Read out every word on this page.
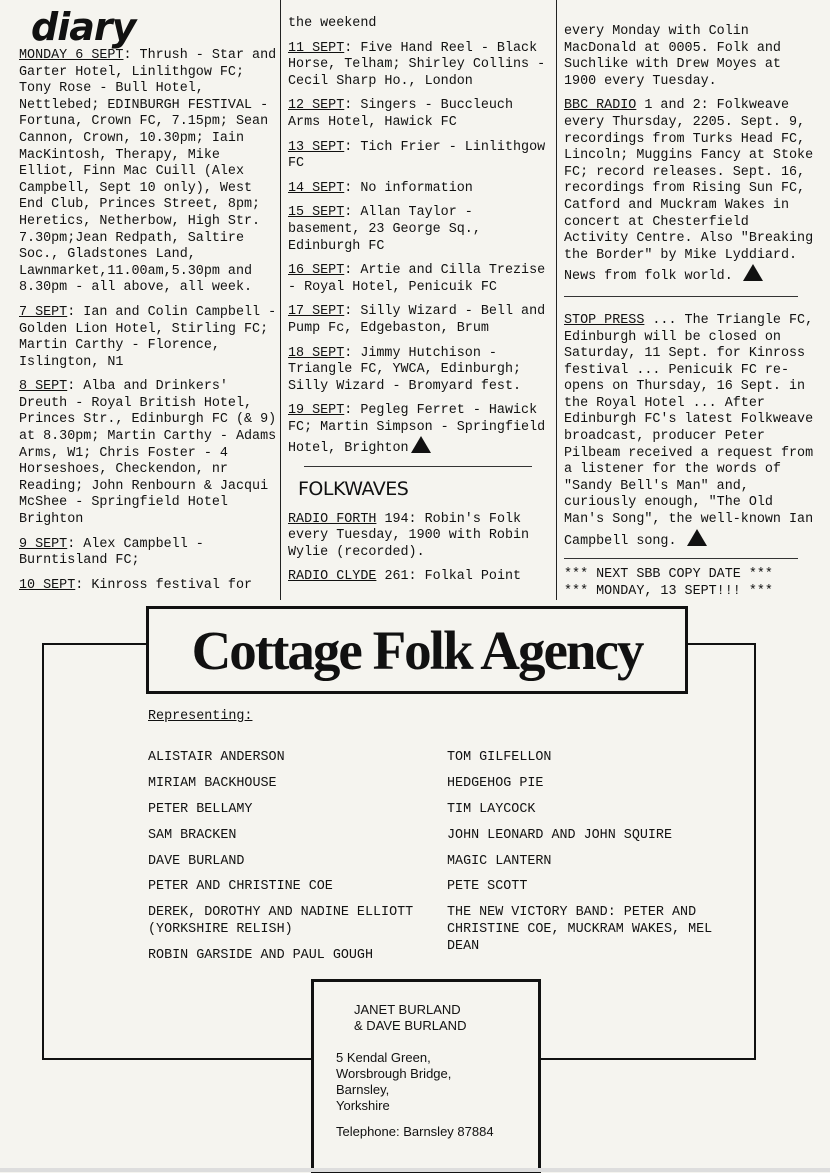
diary
MONDAY 6 SEPT: Thrush - Star and Garter Hotel, Linlithgow FC; Tony Rose - Bull Hotel, Nettlebed; EDINBURGH FESTIVAL - Fortuna, Crown FC, 7.15pm; Sean Cannon, Crown, 10.30pm; Iain MacKintosh, Therapy, Mike Elliot, Finn Mac Cuill (Alex Campbell, Sept 10 only), West End Club, Princes Street, 8pm; Heretics, Netherbow, High Str. 7.30pm;Jean Redpath, Saltire Soc., Gladstones Land, Lawnmarket,11.00am,5.30pm and 8.30pm - all above, all week.
7 SEPT: Ian and Colin Campbell - Golden Lion Hotel, Stirling FC; Martin Carthy - Florence, Islington, N1
8 SEPT: Alba and Drinkers' Dreuth - Royal British Hotel, Princes Str., Edinburgh FC (& 9) at 8.30pm; Martin Carthy - Adams Arms, W1; Chris Foster - 4 Horseshoes, Checkendon, nr Reading; John Renbourn & Jacqui McShee - Springfield Hotel Brighton
9 SEPT: Alex Campbell - Burntisland FC;
10 SEPT: Kinross festival for
the weekend
11 SEPT: Five Hand Reel - Black Horse, Telham; Shirley Collins - Cecil Sharp Ho., London
12 SEPT: Singers - Buccleuch Arms Hotel, Hawick FC
13 SEPT: Tich Frier - Linlithgow FC
14 SEPT: No information
15 SEPT: Allan Taylor - basement, 23 George Sq., Edinburgh FC
16 SEPT: Artie and Cilla Trezise - Royal Hotel, Penicuik FC
17 SEPT: Silly Wizard - Bell and Pump Fc, Edgebaston, Brum
18 SEPT: Jimmy Hutchison - Triangle FC, YWCA, Edinburgh; Silly Wizard - Bromyard fest.
19 SEPT: Pegleg Ferret - Hawick FC; Martin Simpson - Springfield Hotel, Brighton
FOLKWAVES
RADIO FORTH 194: Robin's Folk every Tuesday, 1900 with Robin Wylie (recorded).
RADIO CLYDE 261: Folkal Point
every Monday with Colin MacDonald at 0005. Folk and Suchlike with Drew Moyes at 1900 every Tuesday.
BBC RADIO 1 and 2: Folkweave every Thursday, 2205. Sept. 9, recordings from Turks Head FC, Lincoln; Muggins Fancy at Stoke FC; record releases. Sept. 16, recordings from Rising Sun FC, Catford and Muckram Wakes in concert at Chesterfield Activity Centre. Also "Breaking the Border" by Mike Lyddiard. News from folk world.
STOP PRESS ... The Triangle FC, Edinburgh will be closed on Saturday, 11 Sept. for Kinross festival ... Penicuik FC re-opens on Thursday, 16 Sept. in the Royal Hotel ... After Edinburgh FC's latest Folkweave broadcast, producer Peter Pilbeam received a request from a listener for the words of "Sandy Bell's Man" and, curiously enough, "The Old Man's Song", the well-known Ian Campbell song.
*** NEXT SBB COPY DATE ***
*** MONDAY, 13 SEPT!!! ***
Cottage Folk Agency
Representing:
ALISTAIR ANDERSON
MIRIAM BACKHOUSE
PETER BELLAMY
SAM BRACKEN
DAVE BURLAND
PETER AND CHRISTINE COE
DEREK, DOROTHY AND NADINE ELLIOTT (YORKSHIRE RELISH)
ROBIN GARSIDE AND PAUL GOUGH
TOM GILFELLON
HEDGEHOG PIE
TIM LAYCOCK
JOHN LEONARD AND JOHN SQUIRE
MAGIC LANTERN
PETE SCOTT
THE NEW VICTORY BAND: PETER AND CHRISTINE COE, MUCKRAM WAKES, MEL DEAN
JANET BURLAND
& DAVE BURLAND
5 Kendal Green,
Worsbrough Bridge,
Barnsley,
Yorkshire
Telephone: Barnsley 87884
